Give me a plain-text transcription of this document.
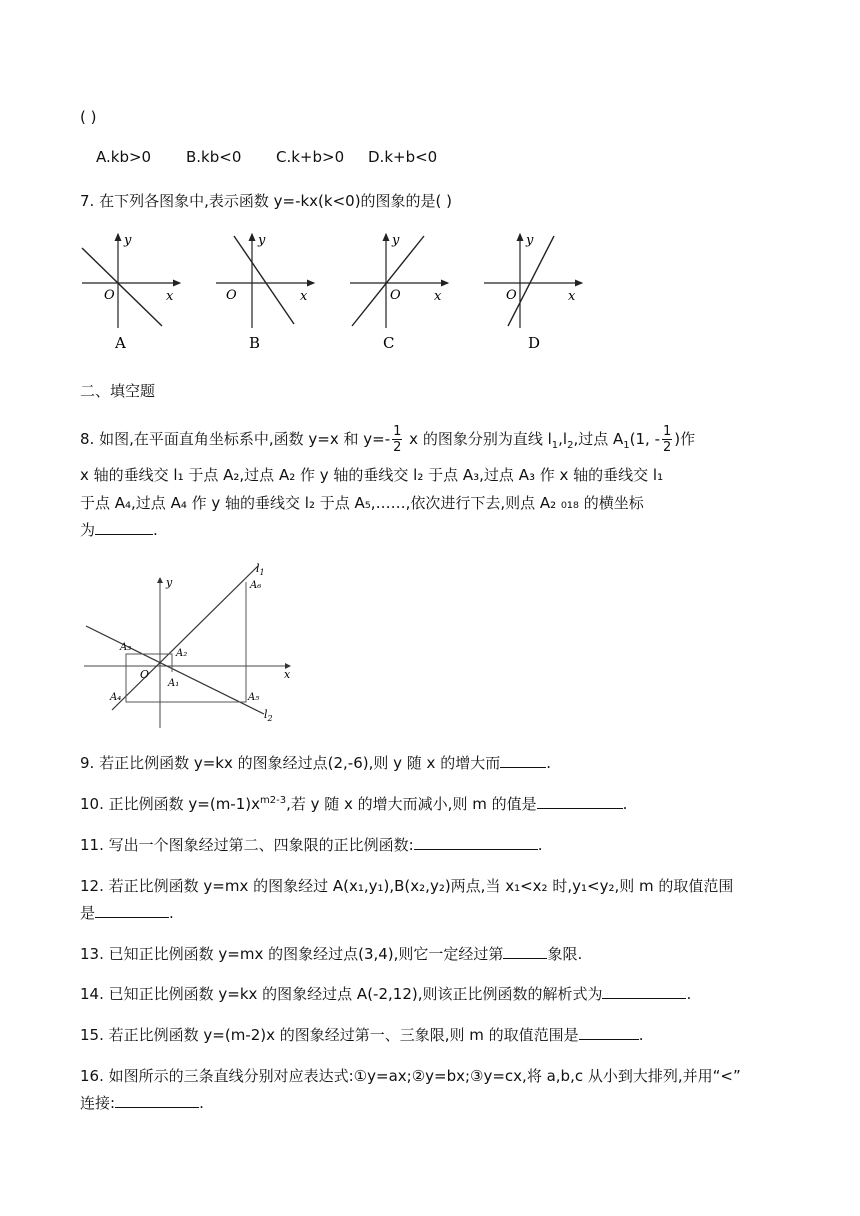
( )
A.kb>0 B.kb<0 C.k+b>0 D.k+b<0
7. 在下列各图象中,表示函数 y=-kx(k<0)的图象的是( )
y
O	x
A
y
O	x
B
y
O	x
C
y
O	x
D
二、填空题
8. 如图,在平面直角坐标系中,函数 y=x 和 $y=- \frac{1}{2}$ x 的图象分别为直线 $l_1,l_2$,过点 $A_1(1$, - $\frac{1}{2}$ )作
x 轴的垂线交 l₁ 于点 A₂,过点 A₂ 作 y 轴的垂线交 l₂ 于点 A₃,过点 A₃ 作 x 轴的垂线交 l₁
于点 A₄,过点 A₄ 作 y 轴的垂线交 l₂ 于点 A₅,……,依次进行下去,则点 A₂ ₀₁₈ 的横坐标
为	.
y
x
O
$l_1$
$l_2$
A₁
A₂
A₃
A₄	A₅
A₆
9. 若正比例函数 y=kx 的图象经过点(2,-6),则 y 随 x 的增大而	.
10. 正比例函数 $y=(m-1)x^{m2-3}$,若 y 随 x 的增大而减小,则 m 的值是	.
11. 写出一个图象经过第二、四象限的正比例函数:	.
12. 若正比例函数 y=mx 的图象经过 A(x₁,y₁),B(x₂,y₂)两点,当 x₁<x₂ 时,y₁<y₂,则 m 的取值范围
是	.
13. 已知正比例函数 y=mx 的图象经过点(3,4),则它一定经过第	象限.
14. 已知正比例函数 y=kx 的图象经过点 A(-2,12),则该正比例函数的解析式为	.
15. 若正比例函数 y=(m-2)x 的图象经过第一、三象限,则 m 的取值范围是	.
16. 如图所示的三条直线分别对应表达式:①y=ax;②y=bx;③y=cx,将 a,b,c 从小到大排列,并用“<”
连接:	.
